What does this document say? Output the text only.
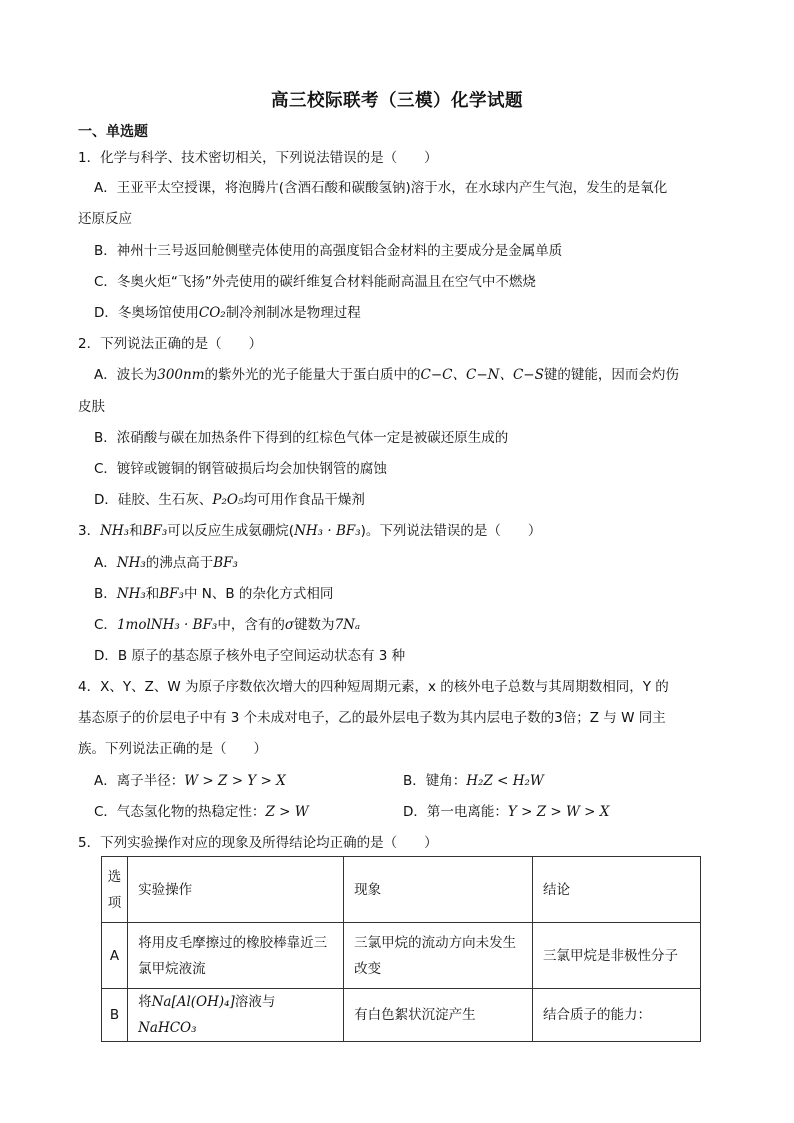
高三校际联考（三模）化学试题
一、单选题
1．化学与科学、技术密切相关，下列说法错误的是（　　）
A．王亚平太空授课，将泡腾片(含酒石酸和碳酸氢钠)溶于水，在水球内产生气泡，发生的是氧化
还原反应
B．神州十三号返回舱侧壁壳体使用的高强度铝合金材料的主要成分是金属单质
C．冬奥火炬“飞扬”外壳使用的碳纤维复合材料能耐高温且在空气中不燃烧
D．冬奥场馆使用CO₂制冷剂制冰是物理过程
2．下列说法正确的是（　　）
A．波长为300nm的紫外光的光子能量大于蛋白质中的C−C、C−N、C−S键的键能，因而会灼伤
皮肤
B．浓硝酸与碳在加热条件下得到的红棕色气体一定是被碳还原生成的
C．镀锌或镀铜的钢管破损后均会加快钢管的腐蚀
D．硅胶、生石灰、P₂O₅均可用作食品干燥剂
3．NH₃和BF₃可以反应生成氨硼烷(NH₃ · BF₃)。下列说法错误的是（　　）
A．NH₃的沸点高于BF₃
B．NH₃和BF₃中 N、B 的杂化方式相同
C．1molNH₃ · BF₃中，含有的σ键数为7Nₐ
D．B 原子的基态原子核外电子空间运动状态有 3 种
4．X、Y、Z、W 为原子序数依次增大的四种短周期元素，x 的核外电子总数与其周期数相同，Y 的
基态原子的价层电子中有 3 个未成对电子，乙的最外层电子数为其内层电子数的3倍；Z 与 W 同主
族。下列说法正确的是（　　）
A．离子半径：W > Z > Y > X	B．键角：H₂Z < H₂W
C．气态氢化物的热稳定性：Z > W	D．第一电离能：Y > Z > W > X
5．下列实验操作对应的现象及所得结论均正确的是（　　）
选项	实验操作	现象	结论
A	将用皮毛摩擦过的橡胶棒靠近三氯甲烷液流	三氯甲烷的流动方向未发生改变	三氯甲烷是非极性分子
B	将Na[Al(OH)₄]溶液与NaHCO₃	有白色絮状沉淀产生	结合质子的能力：
